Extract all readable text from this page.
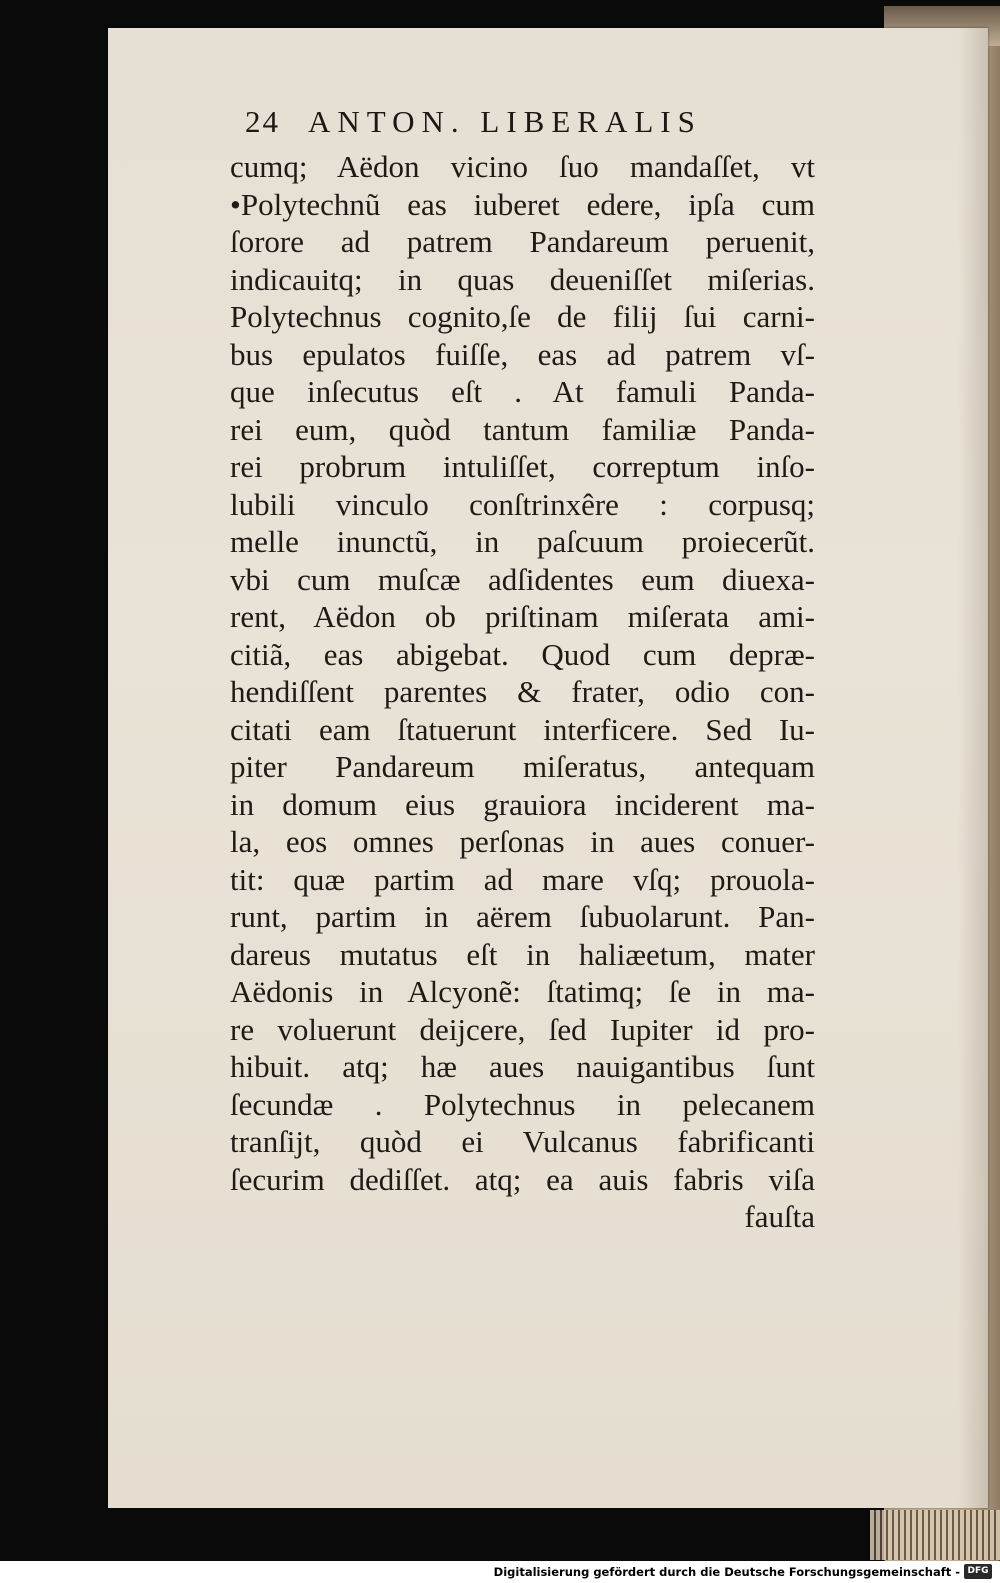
24 ANTON. LIBERALIS
cumq; Aëdon vicino ſuo mandaſſet, vt
•Polytechnũ eas iuberet edere, ipſa cum
ſorore ad patrem Pandareum peruenit,
indicauitq; in quas deueniſſet miſerias.
Polytechnus cognito,ſe de filij ſui carni-
bus epulatos fuiſſe, eas ad patrem vſ-
que inſecutus eſt . At famuli Panda-
rei eum, quòd tantum familiæ Panda-
rei probrum intuliſſet, correptum inſo-
lubili vinculo conſtrinxêre : corpusq;
melle inunctũ, in paſcuum proiecerũt.
vbi cum muſcæ adſidentes eum diuexa-
rent, Aëdon ob priſtinam miſerata ami-
citiã, eas abigebat. Quod cum depræ-
hendiſſent parentes & frater, odio con-
citati eam ſtatuerunt interficere. Sed Iu-
piter Pandareum miſeratus, antequam
in domum eius grauiora inciderent ma-
la, eos omnes perſonas in aues conuer-
tit: quæ partim ad mare vſq; prouola-
runt, partim in aërem ſubuolarunt. Pan-
dareus mutatus eſt in haliæetum, mater
Aëdonis in Alcyonẽ: ſtatimq; ſe in ma-
re voluerunt deijcere, ſed Iupiter id pro-
hibuit. atq; hæ aues nauigantibus ſunt
ſecundæ . Polytechnus in pelecanem
tranſijt, quòd ei Vulcanus fabrificanti
ſecurim dediſſet. atq; ea auis fabris viſa
fauſta
Digitalisierung gefördert durch die Deutsche Forschungsgemeinschaft - DFG
